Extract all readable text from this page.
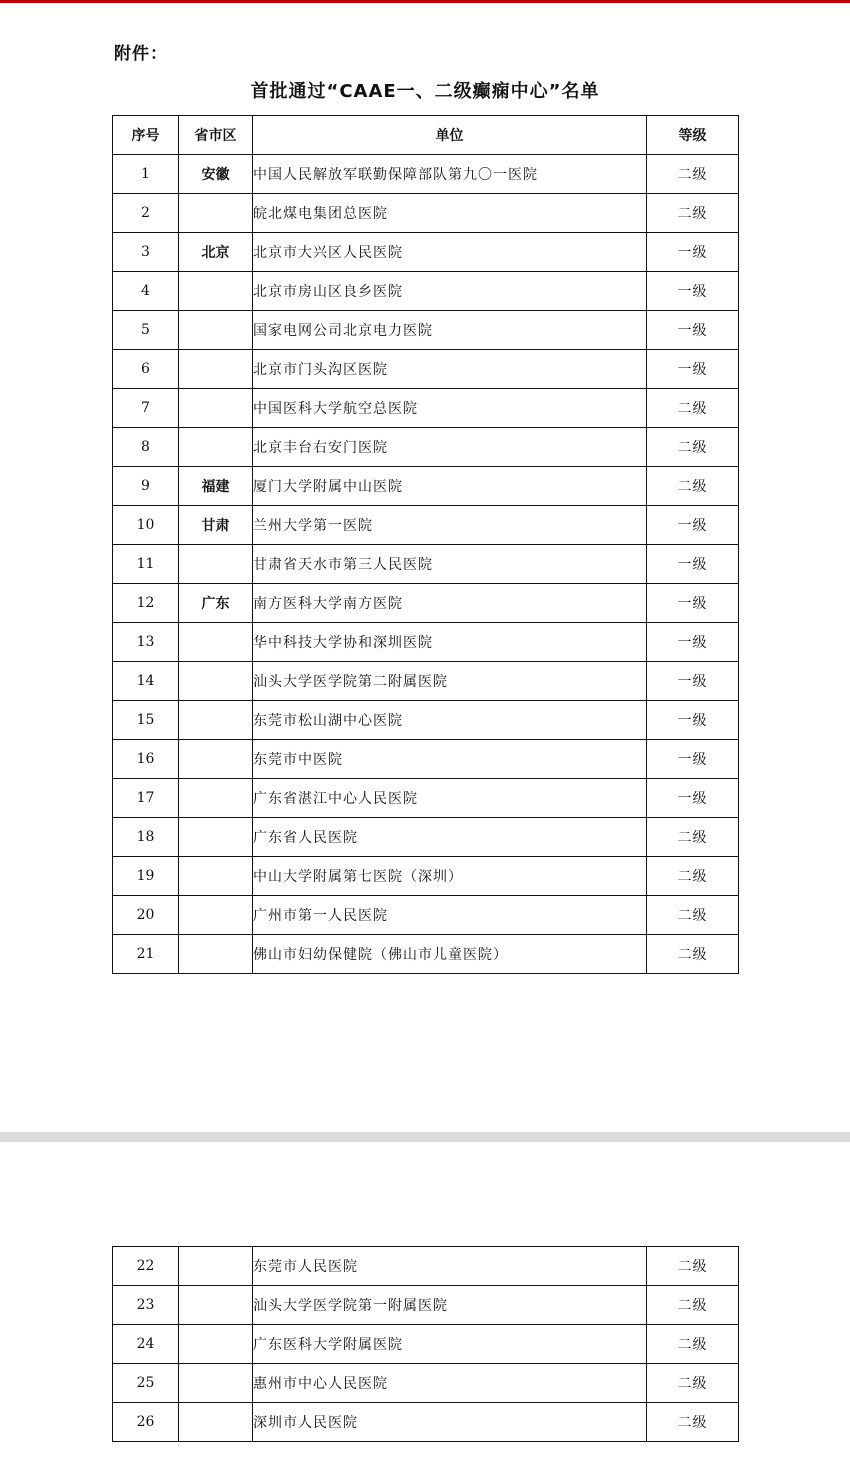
附件：
首批通过“CAAE一、二级癫痫中心”名单
序号	省市区	单位	等级
1	安徽	中国人民解放军联勤保障部队第九〇一医院	二级
2		皖北煤电集团总医院	二级
3	北京	北京市大兴区人民医院	一级
4		北京市房山区良乡医院	一级
5		国家电网公司北京电力医院	一级
6		北京市门头沟区医院	一级
7		中国医科大学航空总医院	二级
8		北京丰台右安门医院	二级
9	福建	厦门大学附属中山医院	二级
10	甘肃	兰州大学第一医院	一级
11		甘肃省天水市第三人民医院	一级
12	广东	南方医科大学南方医院	一级
13		华中科技大学协和深圳医院	一级
14		汕头大学医学院第二附属医院	一级
15		东莞市松山湖中心医院	一级
16		东莞市中医院	一级
17		广东省湛江中心人民医院	一级
18		广东省人民医院	二级
19		中山大学附属第七医院（深圳）	二级
20		广州市第一人民医院	二级
21		佛山市妇幼保健院（佛山市儿童医院）	二级
22		东莞市人民医院	二级
23		汕头大学医学院第一附属医院	二级
24		广东医科大学附属医院	二级
25		惠州市中心人民医院	二级
26		深圳市人民医院	二级
